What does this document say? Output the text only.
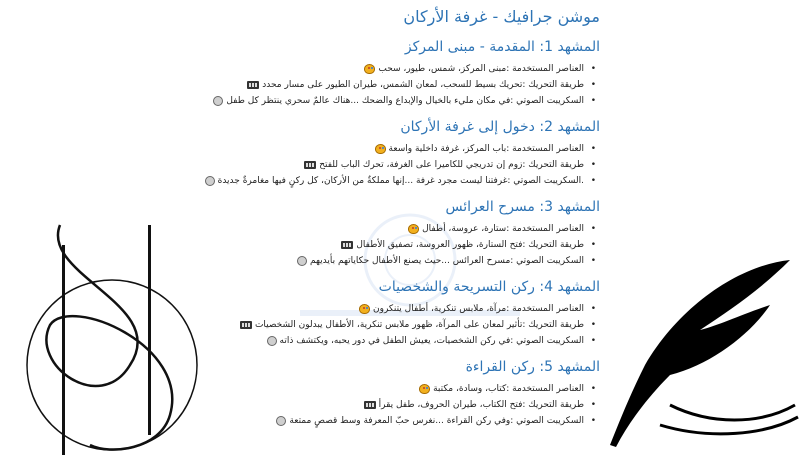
موشن جرافيك - غرفة الأركان
المشهد 1: المقدمة - مبنى المركز
• العناصر المستخدمة :مبنى المركز، شمس، طيور، سحب
• طريقة التحريك :تحريك بسيط للسحب، لمعان الشمس، طيران الطيور على مسار محدد
• السكريبت الصوتي :في مكان مليء بالخيال والإبداع والضحك ...هناك عالمٌ سحري ينتظر كل طفل
المشهد 2: دخول إلى غرفة الأركان
• العناصر المستخدمة :باب المركز، غرفة داخلية واسعة
• طريقة التحريك :زوم إن تدريجي للكاميرا على الغرفة، تحرك الباب للفتح
• .السكريبت الصوتي :غرفتنا ليست مجرد غرفة ...إنها مملكةٌ من الأركان، كل ركنٍ فيها مغامرةٌ جديدة
المشهد 3: مسرح العرائس
• العناصر المستخدمة :ستارة، عروسة، أطفال
• طريقة التحريك :فتح الستارة، ظهور العروسة، تصفيق الأطفال
• السكريبت الصوتي :مسرح العرائس ...حيث يصنع الأطفال حكاياتهم بأيديهم
المشهد 4: ركن التسريحة والشخصيات
• العناصر المستخدمة :مرآة، ملابس تنكرية، أطفال يتنكرون
• طريقة التحريك :تأثير لمعان على المرآة، ظهور ملابس تنكرية، الأطفال يبدلون الشخصيات
• السكريبت الصوتي :في ركن الشخصيات، يعيش الطفل في دور يحبه، ويكتشف ذاته
المشهد 5: ركن القراءة
• العناصر المستخدمة :كتاب، وسادة، مكتبة
• طريقة التحريك :فتح الكتاب، طيران الحروف، طفل يقرأ
• السكريبت الصوتي :وفي ركن القراءة ...نغرس حبّ المعرفة وسط قصصٍ ممتعة
